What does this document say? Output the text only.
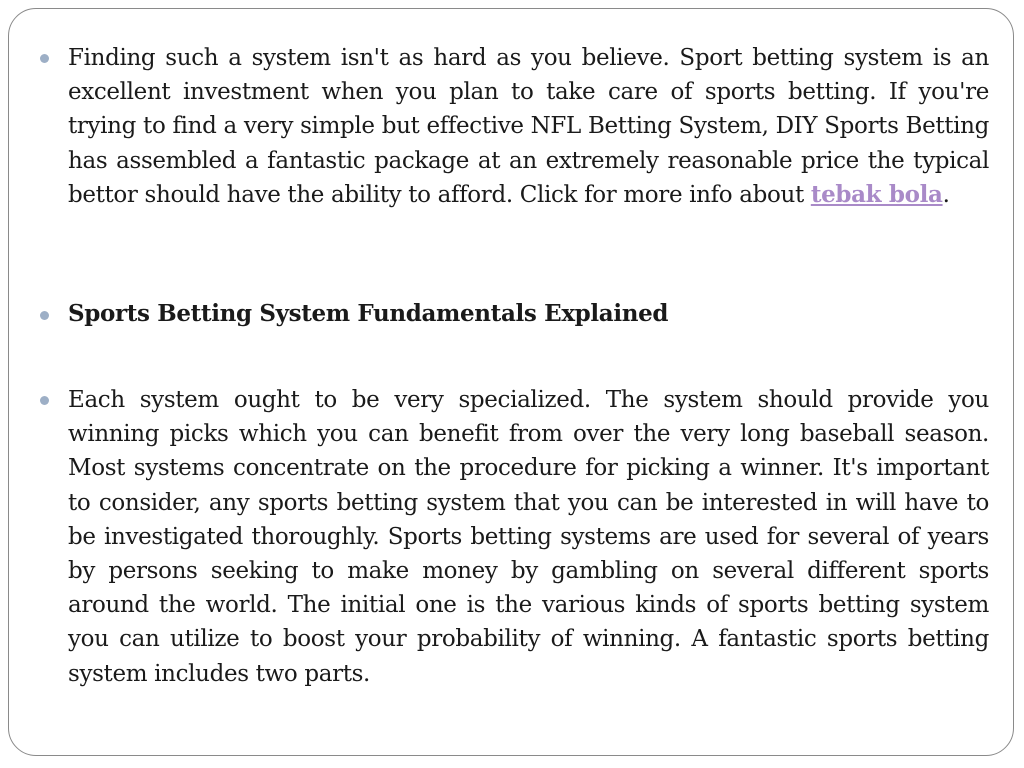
Finding such a system isn't as hard as you believe. Sport betting system is an excellent investment when you plan to take care of sports betting. If you're trying to find a very simple but effective NFL Betting System, DIY Sports Betting has assembled a fantastic package at an extremely reasonable price the typical bettor should have the ability to afford. Click for more info about tebak bola.

Sports Betting System Fundamentals Explained

Each system ought to be very specialized. The system should provide you winning picks which you can benefit from over the very long baseball season. Most systems concentrate on the procedure for picking a winner. It's important to consider, any sports betting system that you can be interested in will have to be investigated thoroughly. Sports betting systems are used for several of years by persons seeking to make money by gambling on several different sports around the world. The initial one is the various kinds of sports betting system you can utilize to boost your probability of winning. A fantastic sports betting system includes two parts.
